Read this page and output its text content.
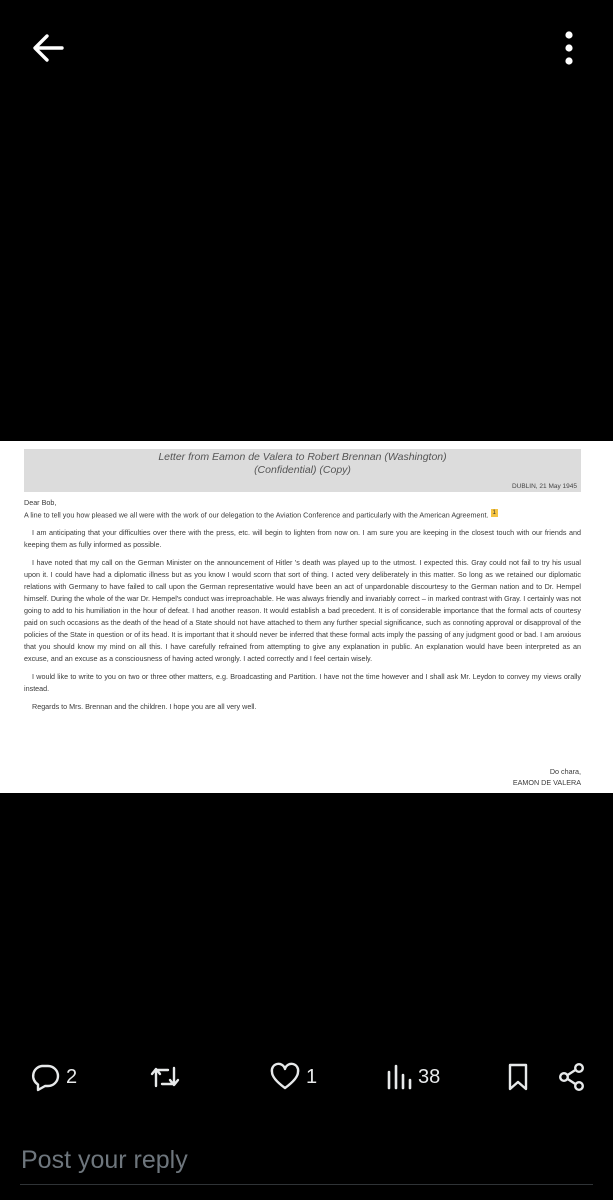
Letter from Eamon de Valera to Robert Brennan (Washington)
(Confidential) (Copy)
DUBLIN, 21 May 1945

Dear Bob,

A line to tell you how pleased we all were with the work of our delegation to the Aviation Conference and particularly with the American Agreement. 1

I am anticipating that your difficulties over there with the press, etc. will begin to lighten from now on. I am sure you are keeping in the closest touch with our friends and keeping them as fully informed as possible.

I have noted that my call on the German Minister on the announcement of Hitler 's death was played up to the utmost. I expected this. Gray could not fail to try his usual upon it. I could have had a diplomatic illness but as you know I would scorn that sort of thing. I acted very deliberately in this matter. So long as we retained our diplomatic relations with Germany to have failed to call upon the German representative would have been an act of unpardonable discourtesy to the German nation and to Dr. Hempel himself. During the whole of the war Dr. Hempel's conduct was irreproachable. He was always friendly and invariably correct – in marked contrast with Gray. I certainly was not going to add to his humiliation in the hour of defeat. I had another reason. It would establish a bad precedent. It is of considerable importance that the formal acts of courtesy paid on such occasions as the death of the head of a State should not have attached to them any further special significance, such as connoting approval or disapproval of the policies of the State in question or of its head. It is important that it should never be inferred that these formal acts imply the passing of any judgment good or bad. I am anxious that you should know my mind on all this. I have carefully refrained from attempting to give any explanation in public. An explanation would have been interpreted as an excuse, and an excuse as a consciousness of having acted wrongly. I acted correctly and I feel certain wisely.

I would like to write to you on two or three other matters, e.g. Broadcasting and Partition. I have not the time however and I shall ask Mr. Leydon to convey my views orally instead.

Regards to Mrs. Brennan and the children. I hope you are all very well.

Do chara,
EAMON DE VALERA
2	1	38
Post your reply
